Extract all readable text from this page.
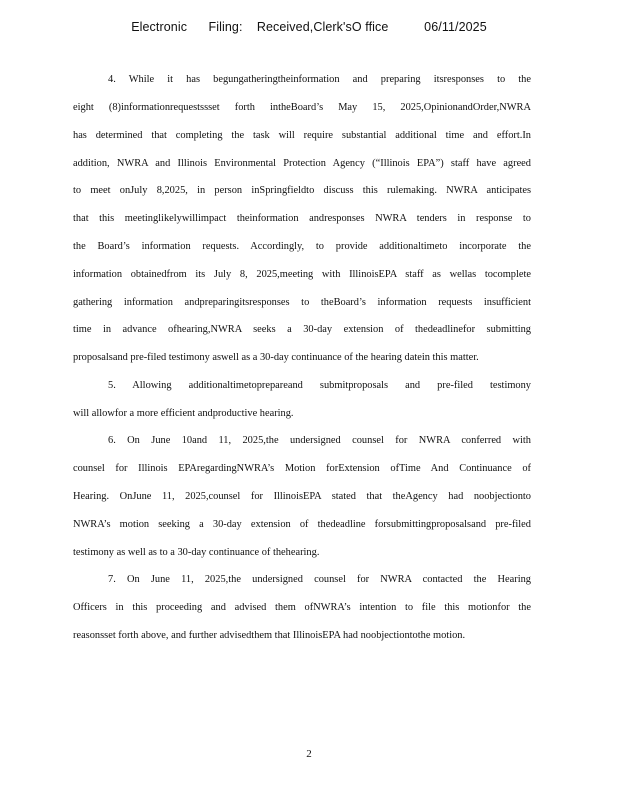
Electronic      Filing:    Received,Clerk'sO ffice          06/11/2025
4. While it has begungatheringtheinformation and preparing itsresponses to the
eight (8)informationrequestssset forth intheBoard’s May 15, 2025,OpinionandOrder,NWRA
has determined that completing the task will require substantial additional time and effort.In
addition, NWRA and Illinois Environmental Protection Agency (“Illinois EPA”) staff have agreed
to meet onJuly 8,2025, in person inSpringfieldto discuss this rulemaking. NWRA anticipates
that this meetinglikelywillimpact theinformation andresponses NWRA tenders in response to
the Board’s information requests. Accordingly, to provide additionaltimeto incorporate the
information obtainedfrom its July 8, 2025,meeting with IllinoisEPA staff as wellas tocomplete
gathering information andpreparingitsresponses to theBoard’s information requests insufficient
time in advance ofhearing,NWRA seeks a 30-day extension of thedeadlinefor submitting
proposalsand pre-filed testimony aswell as a 30-day continuance of the hearing datein this matter.
5. Allowing additionaltimetoprepareand submitproposals and pre-filed testimony
will allowfor a more efficient andproductive hearing.
6. On June 10and 11, 2025,the undersigned counsel for NWRA conferred with
counsel for Illinois EPAregardingNWRA’s Motion forExtension ofTime And Continuance of
Hearing. OnJune 11, 2025,counsel for IllinoisEPA stated that theAgency had noobjectionto
NWRA’s motion seeking a 30-day extension of thedeadline forsubmittingproposalsand pre-filed
testimony as well as to a 30-day continuance of thehearing.
7. On June 11, 2025,the undersigned counsel for NWRA contacted the Hearing
Officers in this proceeding and advised them ofNWRA’s intention to file this motionfor the
reasonsset forth above, and further advisedthem that IllinoisEPA had noobjectiontothe motion.
2
